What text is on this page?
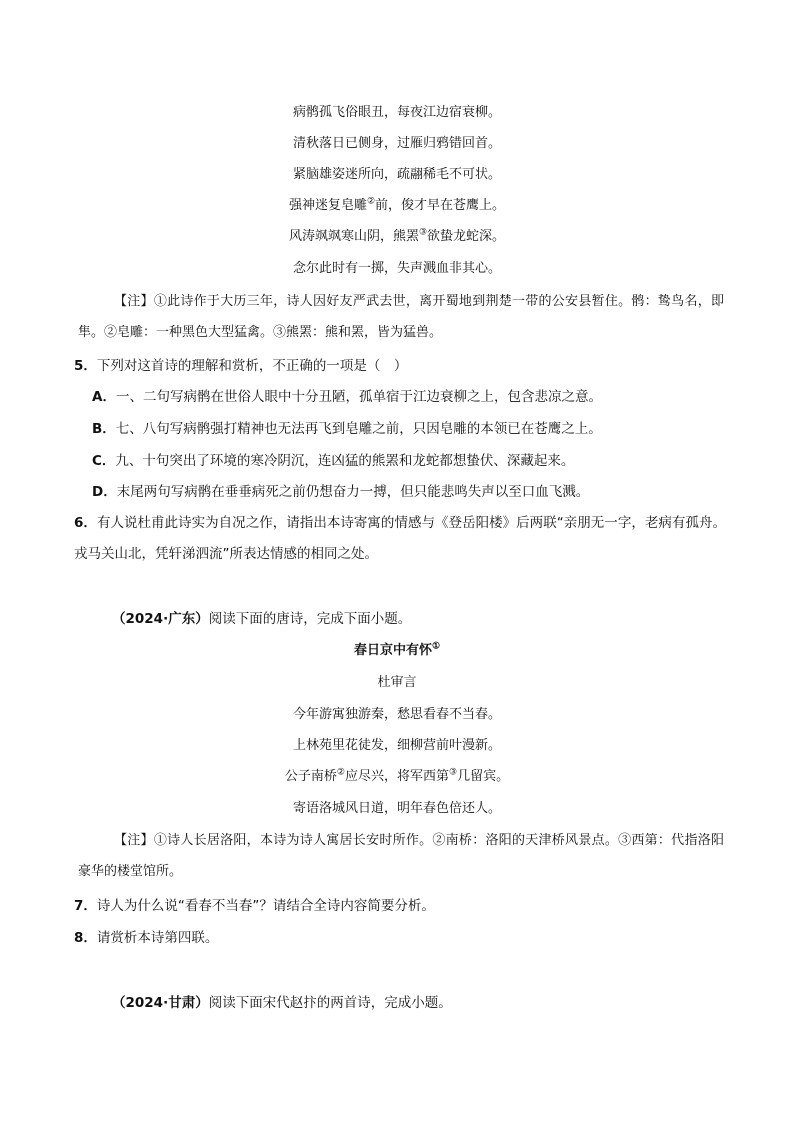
病鹘孤飞俗眼丑，每夜江边宿衰柳。
清秋落日已侧身，过雁归鸦错回首。
紧脑雄姿迷所向，疏翮稀毛不可状。
强神迷复皂雕②前，俊才早在苍鹰上。
风涛飒飒寒山阴，熊罴③欲蛰龙蛇深。
念尔此时有一掷，失声溅血非其心。
【注】①此诗作于大历三年，诗人因好友严武去世，离开蜀地到荆楚一带的公安县暂住。鹘：鸷鸟名，即隼。②皂雕：一种黑色大型猛禽。③熊罴：熊和罴，皆为猛兽。
5．下列对这首诗的理解和赏析，不正确的一项是（　）
A．一、二句写病鹘在世俗人眼中十分丑陋，孤单宿于江边衰柳之上，包含悲凉之意。
B．七、八句写病鹘强打精神也无法再飞到皂雕之前，只因皂雕的本领已在苍鹰之上。
C．九、十句突出了环境的寒冷阴沉，连凶猛的熊罴和龙蛇都想蛰伏、深藏起来。
D．末尾两句写病鹘在垂垂病死之前仍想奋力一搏，但只能悲鸣失声以至口血飞溅。
6．有人说杜甫此诗实为自况之作，请指出本诗寄寓的情感与《登岳阳楼》后两联“亲朋无一字，老病有孤舟。戎马关山北，凭轩涕泗流”所表达情感的相同之处。
（2024·广东）阅读下面的唐诗，完成下面小题。
春日京中有怀①
杜审言
今年游寓独游秦，愁思看春不当春。
上林苑里花徒发，细柳营前叶漫新。
公子南桥②应尽兴，将军西第③几留宾。
寄语洛城风日道，明年春色倍还人。
【注】①诗人长居洛阳，本诗为诗人寓居长安时所作。②南桥：洛阳的天津桥风景点。③西第：代指洛阳豪华的楼堂馆所。
7．诗人为什么说“看春不当春”？请结合全诗内容简要分析。
8．请赏析本诗第四联。
（2024·甘肃）阅读下面宋代赵抃的两首诗，完成小题。
